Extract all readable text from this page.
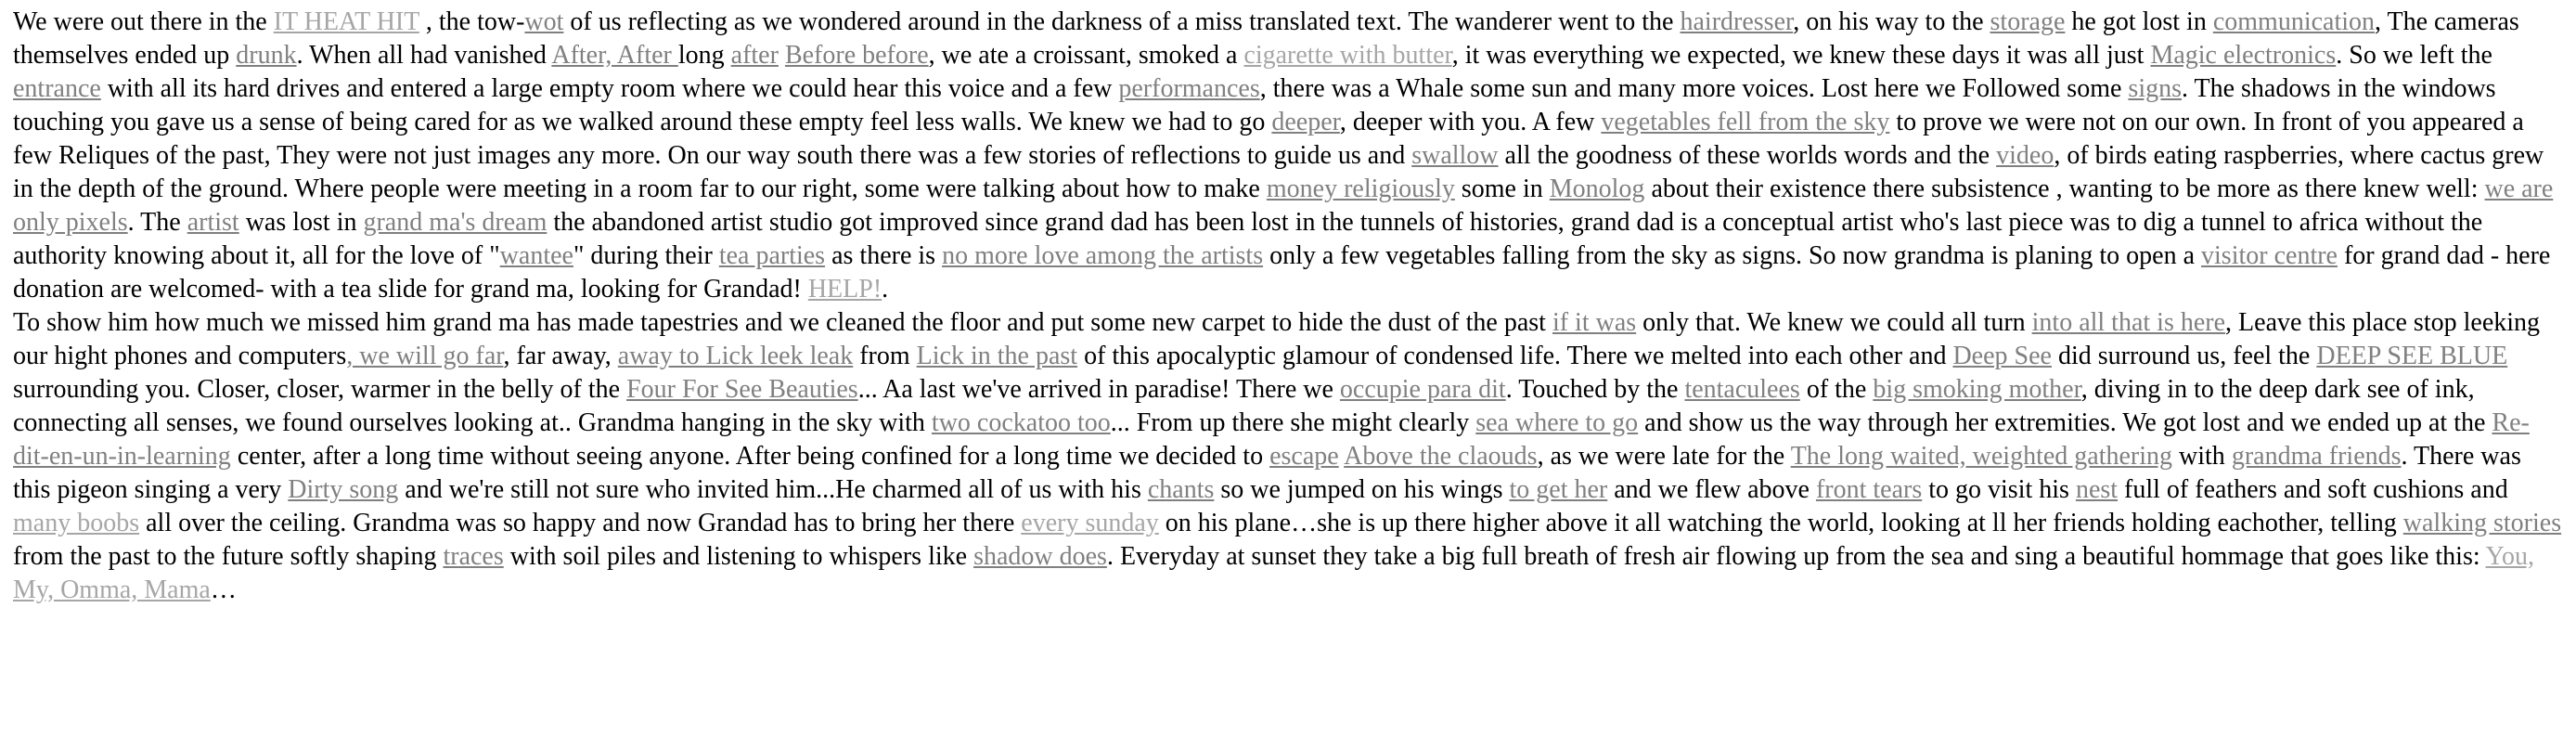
We were out there in the IT HEAT HIT , the tow-wot of us reflecting as we wondered around in the darkness of a miss translated text. The wanderer went to the hairdresser, on his way to the storage he got lost in communication, The cameras themselves ended up drunk. When all had vanished After, After long after Before before, we ate a croissant, smoked a cigarette with butter, it was everything we expected, we knew these days it was all just Magic electronics. So we left the entrance with all its hard drives and entered a large empty room where we could hear this voice and a few performances, there was a Whale some sun and many more voices. Lost here we Followed some signs. The shadows in the windows touching you gave us a sense of being cared for as we walked around these empty feel less walls. We knew we had to go deeper, deeper with you. A few vegetables fell from the sky to prove we were not on our own. In front of you appeared a few Reliques of the past, They were not just images any more. On our way south there was a few stories of reflections to guide us and swallow all the goodness of these worlds words and the video, of birds eating raspberries, where cactus grew in the depth of the ground. Where people were meeting in a room far to our right, some were talking about how to make money religiously some in Monolog about their existence there subsistence , wanting to be more as there knew well: we are only pixels. The artist was lost in grand ma's dream the abandoned artist studio got improved since grand dad has been lost in the tunnels of histories, grand dad is a conceptual artist who's last piece was to dig a tunnel to africa without the authority knowing about it, all for the love of "wantee" during their tea parties as there is no more love among the artists only a few vegetables falling from the sky as signs. So now grandma is planing to open a visitor centre for grand dad - here donation are welcomed- with a tea slide for grand ma, looking for Grandad! HELP!.

To show him how much we missed him grand ma has made tapestries and we cleaned the floor and put some new carpet to hide the dust of the past if it was only that. We knew we could all turn into all that is here, Leave this place stop leeking our hight phones and computers, we will go far, far away, away to Lick leek leak from Lick in the past of this apocalyptic glamour of condensed life. There we melted into each other and Deep See did surround us, feel the DEEP SEE BLUE surrounding you. Closer, closer, warmer in the belly of the Four For See Beauties... Aa last we've arrived in paradise! There we occupie para dit. Touched by the tentaculees of the big smoking mother, diving in to the deep dark see of ink, connecting all senses, we found ourselves looking at.. Grandma hanging in the sky with two cockatoo too... From up there she might clearly sea where to go and show us the way through her extremities. We got lost and we ended up at the Re-dit-en-un-in-learning center, after a long time without seeing anyone. After being confined for a long time we decided to escape Above the claouds, as we were late for the The long waited, weighted gathering with grandma friends. There was this pigeon singing a very Dirty song and we're still not sure who invited him...He charmed all of us with his chants so we jumped on his wings to get her and we flew above front tears to go visit his nest full of feathers and soft cushions and many boobs all over the ceiling. Grandma was so happy and now Grandad has to bring her there every sunday on his plane…she is up there higher above it all watching the world, looking at ll her friends holding eachother, telling walking stories from the past to the future softly shaping traces with soil piles and listening to whispers like shadow does. Everyday at sunset they take a big full breath of fresh air flowing up from the sea and sing a beautiful hommage that goes like this: You, My, Omma, Mama…
